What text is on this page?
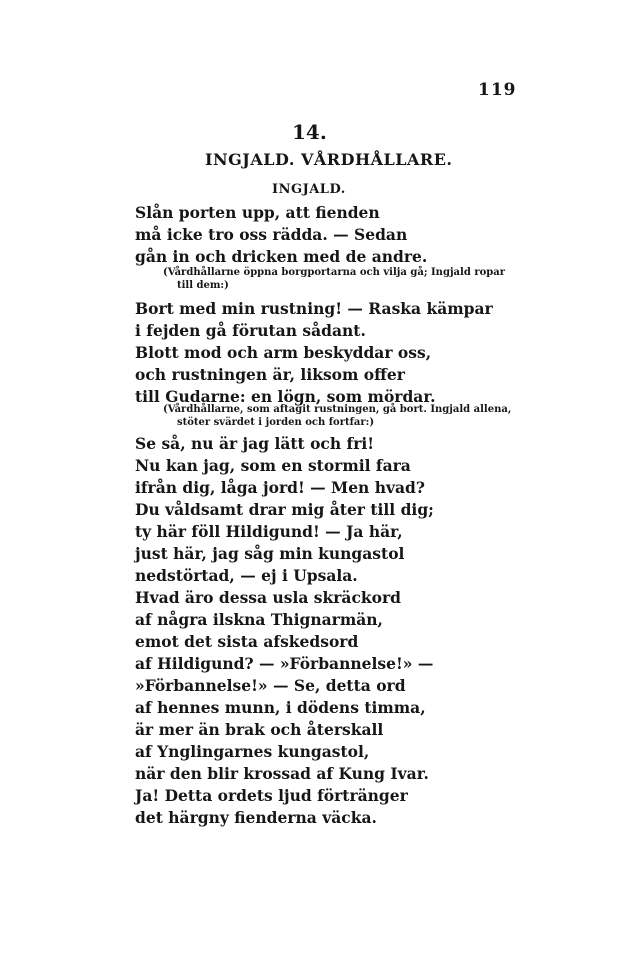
119
14.
INGJALD. VÅRDHÅLLARE.
INGJALD.
Slån porten upp, att fienden
må icke tro oss rädda. — Sedan
gån in och dricken med de andre.
(Vårdhållarne öppna borgportarna och vilja gå; Ingjald ropar
till dem:)
Bort med min rustning! — Raska kämpar
i fejden gå förutan sådant.
Blott mod och arm beskyddar oss,
och rustningen är, liksom offer
till Gudarne: en lögn, som mördar.
(Vårdhållarne, som aftagit rustningen, gå bort. Ingjald allena,
stöter svärdet i jorden och fortfar:)
Se så, nu är jag lätt och fri!
Nu kan jag, som en stormil fara
ifrån dig, låga jord! — Men hvad?
Du våldsamt drar mig åter till dig;
ty här föll Hildigund! — Ja här,
just här, jag såg min kungastol
nedstörtad, — ej i Upsala.
Hvad äro dessa usla skräckord
af några ilskna Thignarmän,
emot det sista afskedsord
af Hildigund? — »Förbannelse!» —
»Förbannelse!» — Se, detta ord
af hennes munn, i dödens timma,
är mer än brak och återskall
af Ynglingarnes kungastol,
när den blir krossad af Kung Ivar.
Ja! Detta ordets ljud förtränger
det härgny fienderna väcka.
